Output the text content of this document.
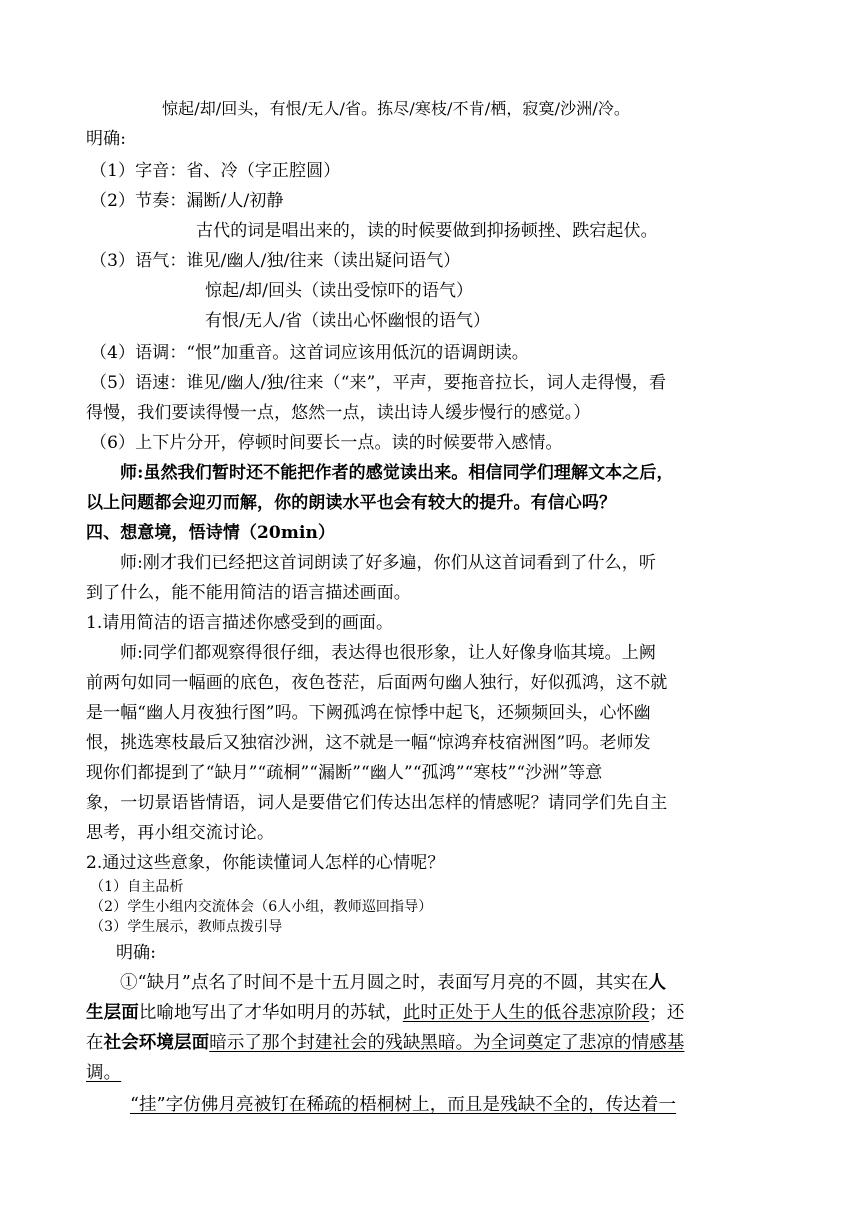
惊起/却/回头，有恨/无人/省。拣尽/寒枝/不肯/栖，寂寞/沙洲/冷。
明确:
（1）字音：省、冷（字正腔圆）
（2）节奏：漏断/人/初静
古代的词是唱出来的，读的时候要做到抑扬顿挫、跌宕起伏。
（3）语气：谁见/幽人/独/往来（读出疑问语气）
惊起/却/回头（读出受惊吓的语气）
有恨/无人/省（读出心怀幽恨的语气）
（4）语调：“恨”加重音。这首词应该用低沉的语调朗读。
（5）语速：谁见/幽人/独/往来（“来”，平声，要拖音拉长，词人走得慢，看
得慢，我们要读得慢一点，悠然一点，读出诗人缓步慢行的感觉。）
（6）上下片分开，停顿时间要长一点。读的时候要带入感情。
师:虽然我们暂时还不能把作者的感觉读出来。相信同学们理解文本之后，
以上问题都会迎刃而解，你的朗读水平也会有较大的提升。有信心吗？
四、想意境，悟诗情（20min）
师:刚才我们已经把这首词朗读了好多遍，你们从这首词看到了什么，听
到了什么，能不能用简洁的语言描述画面。
1.请用简洁的语言描述你感受到的画面。
师:同学们都观察得很仔细，表达得也很形象，让人好像身临其境。上阙
前两句如同一幅画的底色，夜色苍茫，后面两句幽人独行，好似孤鸿，这不就
是一幅“幽人月夜独行图”吗。下阙孤鸿在惊悸中起飞，还频频回头，心怀幽
恨，挑选寒枝最后又独宿沙洲，这不就是一幅“惊鸿弃枝宿洲图”吗。老师发
现你们都提到了“缺月”“疏桐”“漏断”“幽人”“孤鸿”“寒枝”“沙洲”等意
象，一切景语皆情语，词人是要借它们传达出怎样的情感呢？请同学们先自主
思考，再小组交流讨论。
2.通过这些意象，你能读懂词人怎样的心情呢？
（1）自主品析
（2）学生小组内交流体会（6人小组，教师巡回指导）
（3）学生展示，教师点拨引导
明确:
①“缺月”点名了时间不是十五月圆之时，表面写月亮的不圆，其实在人
生层面比喻地写出了才华如明月的苏轼，此时正处于人生的低谷悲凉阶段；还
在社会环境层面暗示了那个封建社会的残缺黑暗。为全词奠定了悲凉的情感基
调。
“挂”字仿佛月亮被钉在稀疏的梧桐树上，而且是残缺不全的，传达着一
